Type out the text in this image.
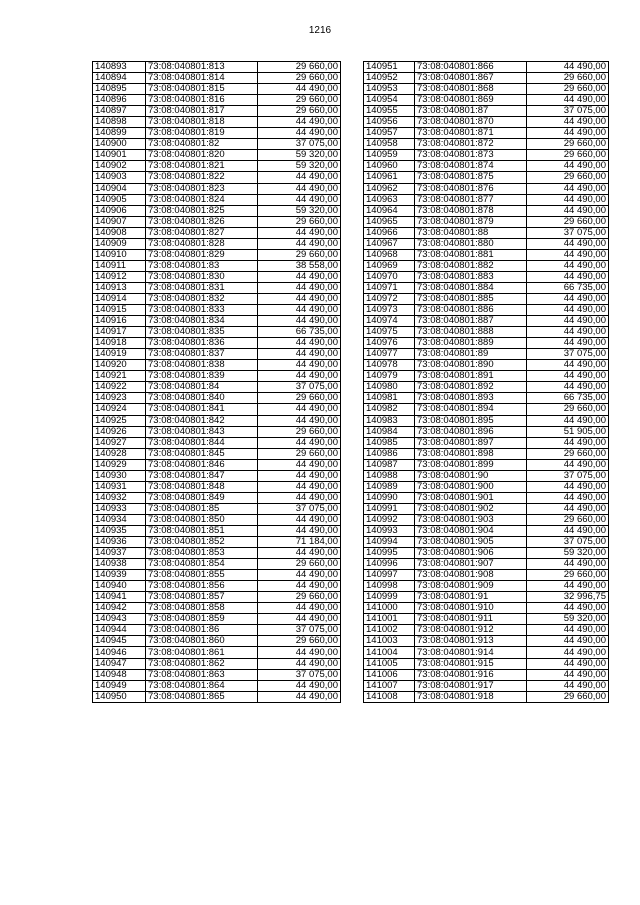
1216
140893	73:08:040801:813	29 660,00
140894	73:08:040801:814	29 660,00
140895	73:08:040801:815	44 490,00
140896	73:08:040801:816	29 660,00
140897	73:08:040801:817	29 660,00
140898	73:08:040801:818	44 490,00
140899	73:08:040801:819	44 490,00
140900	73:08:040801:82	37 075,00
140901	73:08:040801:820	59 320,00
140902	73:08:040801:821	59 320,00
140903	73:08:040801:822	44 490,00
140904	73:08:040801:823	44 490,00
140905	73:08:040801:824	44 490,00
140906	73:08:040801:825	59 320,00
140907	73:08:040801:826	29 660,00
140908	73:08:040801:827	44 490,00
140909	73:08:040801:828	44 490,00
140910	73:08:040801:829	29 660,00
140911	73:08:040801:83	38 558,00
140912	73:08:040801:830	44 490,00
140913	73:08:040801:831	44 490,00
140914	73:08:040801:832	44 490,00
140915	73:08:040801:833	44 490,00
140916	73:08:040801:834	44 490,00
140917	73:08:040801:835	66 735,00
140918	73:08:040801:836	44 490,00
140919	73:08:040801:837	44 490,00
140920	73:08:040801:838	44 490,00
140921	73:08:040801:839	44 490,00
140922	73:08:040801:84	37 075,00
140923	73:08:040801:840	29 660,00
140924	73:08:040801:841	44 490,00
140925	73:08:040801:842	44 490,00
140926	73:08:040801:843	29 660,00
140927	73:08:040801:844	44 490,00
140928	73:08:040801:845	29 660,00
140929	73:08:040801:846	44 490,00
140930	73:08:040801:847	44 490,00
140931	73:08:040801:848	44 490,00
140932	73:08:040801:849	44 490,00
140933	73:08:040801:85	37 075,00
140934	73:08:040801:850	44 490,00
140935	73:08:040801:851	44 490,00
140936	73:08:040801:852	71 184,00
140937	73:08:040801:853	44 490,00
140938	73:08:040801:854	29 660,00
140939	73:08:040801:855	44 490,00
140940	73:08:040801:856	44 490,00
140941	73:08:040801:857	29 660,00
140942	73:08:040801:858	44 490,00
140943	73:08:040801:859	44 490,00
140944	73:08:040801:86	37 075,00
140945	73:08:040801:860	29 660,00
140946	73:08:040801:861	44 490,00
140947	73:08:040801:862	44 490,00
140948	73:08:040801:863	37 075,00
140949	73:08:040801:864	44 490,00
140950	73:08:040801:865	44 490,00
140951	73:08:040801:866	44 490,00
140952	73:08:040801:867	29 660,00
140953	73:08:040801:868	29 660,00
140954	73:08:040801:869	44 490,00
140955	73:08:040801:87	37 075,00
140956	73:08:040801:870	44 490,00
140957	73:08:040801:871	44 490,00
140958	73:08:040801:872	29 660,00
140959	73:08:040801:873	29 660,00
140960	73:08:040801:874	44 490,00
140961	73:08:040801:875	29 660,00
140962	73:08:040801:876	44 490,00
140963	73:08:040801:877	44 490,00
140964	73:08:040801:878	44 490,00
140965	73:08:040801:879	29 660,00
140966	73:08:040801:88	37 075,00
140967	73:08:040801:880	44 490,00
140968	73:08:040801:881	44 490,00
140969	73:08:040801:882	44 490,00
140970	73:08:040801:883	44 490,00
140971	73:08:040801:884	66 735,00
140972	73:08:040801:885	44 490,00
140973	73:08:040801:886	44 490,00
140974	73:08:040801:887	44 490,00
140975	73:08:040801:888	44 490,00
140976	73:08:040801:889	44 490,00
140977	73:08:040801:89	37 075,00
140978	73:08:040801:890	44 490,00
140979	73:08:040801:891	44 490,00
140980	73:08:040801:892	44 490,00
140981	73:08:040801:893	66 735,00
140982	73:08:040801:894	29 660,00
140983	73:08:040801:895	44 490,00
140984	73:08:040801:896	51 905,00
140985	73:08:040801:897	44 490,00
140986	73:08:040801:898	29 660,00
140987	73:08:040801:899	44 490,00
140988	73:08:040801:90	37 075,00
140989	73:08:040801:900	44 490,00
140990	73:08:040801:901	44 490,00
140991	73:08:040801:902	44 490,00
140992	73:08:040801:903	29 660,00
140993	73:08:040801:904	44 490,00
140994	73:08:040801:905	37 075,00
140995	73:08:040801:906	59 320,00
140996	73:08:040801:907	44 490,00
140997	73:08:040801:908	29 660,00
140998	73:08:040801:909	44 490,00
140999	73:08:040801:91	32 996,75
141000	73:08:040801:910	44 490,00
141001	73:08:040801:911	59 320,00
141002	73:08:040801:912	44 490,00
141003	73:08:040801:913	44 490,00
141004	73:08:040801:914	44 490,00
141005	73:08:040801:915	44 490,00
141006	73:08:040801:916	44 490,00
141007	73:08:040801:917	44 490,00
141008	73:08:040801:918	29 660,00
